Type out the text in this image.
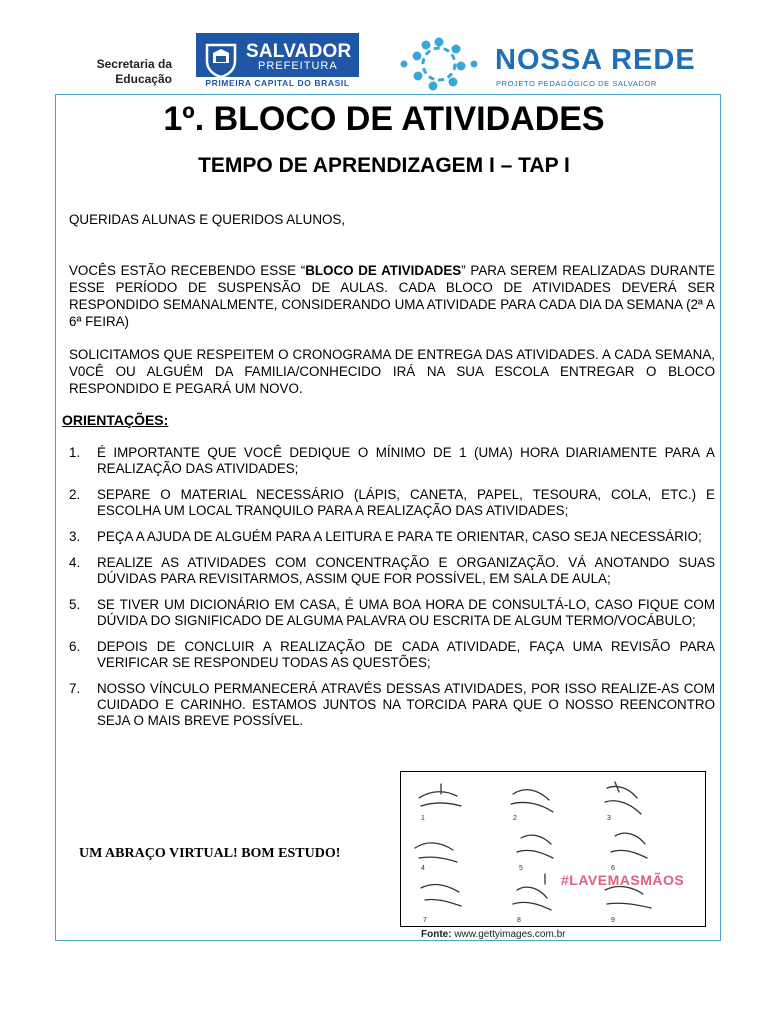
Secretaria da
Educação
SALVADOR
PREFEITURA
PRIMEIRA CAPITAL DO BRASIL
NOSSA REDE
PROJETO PEDAGÓGICO DE SALVADOR
1º. BLOCO DE ATIVIDADES
TEMPO DE APRENDIZAGEM I – TAP I
QUERIDAS ALUNAS E QUERIDOS ALUNOS,
VOCÊS ESTÃO RECEBENDO ESSE “BLOCO DE ATIVIDADES” PARA SEREM REALIZADAS DURANTE ESSE PERÍODO DE SUSPENSÃO DE AULAS. CADA BLOCO DE ATIVIDADES DEVERÁ SER RESPONDIDO SEMANALMENTE, CONSIDERANDO UMA ATIVIDADE PARA CADA DIA DA SEMANA (2ª A 6ª FEIRA)
SOLICITAMOS QUE RESPEITEM O CRONOGRAMA DE ENTREGA DAS ATIVIDADES. A CADA SEMANA, V0CÊ OU ALGUÉM DA FAMILIA/CONHECIDO IRÁ NA SUA ESCOLA ENTREGAR O BLOCO RESPONDIDO E PEGARÁ UM NOVO.
ORIENTAÇÕES:
1. É IMPORTANTE QUE VOCÊ DEDIQUE O MÍNIMO DE 1 (UMA) HORA DIARIAMENTE PARA A REALIZAÇÃO DAS ATIVIDADES;
2. SEPARE O MATERIAL NECESSÁRIO (LÁPIS, CANETA, PAPEL, TESOURA, COLA, ETC.) E ESCOLHA UM LOCAL TRANQUILO PARA A REALIZAÇÃO DAS ATIVIDADES;
3. PEÇA A AJUDA DE ALGUÉM PARA A LEITURA E PARA TE ORIENTAR, CASO SEJA NECESSÁRIO;
4. REALIZE AS ATIVIDADES COM CONCENTRAÇÃO E ORGANIZAÇÃO. VÁ ANOTANDO SUAS DÚVIDAS PARA REVISITARMOS, ASSIM QUE FOR POSSÍVEL, EM SALA DE AULA;
5. SE TIVER UM DICIONÁRIO EM CASA, É UMA BOA HORA DE CONSULTÁ-LO, CASO FIQUE COM DÚVIDA DO SIGNIFICADO DE ALGUMA PALAVRA OU ESCRITA DE ALGUM TERMO/VOCÁBULO;
6. DEPOIS DE CONCLUIR A REALIZAÇÃO DE CADA ATIVIDADE, FAÇA UMA REVISÃO PARA VERIFICAR SE RESPONDEU TODAS AS QUESTÕES;
7. NOSSO VÍNCULO PERMANECERÁ ATRAVÉS DESSAS ATIVIDADES, POR ISSO REALIZE-AS COM CUIDADO E CARINHO. ESTAMOS JUNTOS NA TORCIDA PARA QUE O NOSSO REENCONTRO SEJA O MAIS BREVE POSSÍVEL.
UM ABRAÇO VIRTUAL! BOM ESTUDO!
1	2	3
4	5	6
7	8	9
#LAVEMASMÃOS
Fonte: www.gettyimages.com.br
